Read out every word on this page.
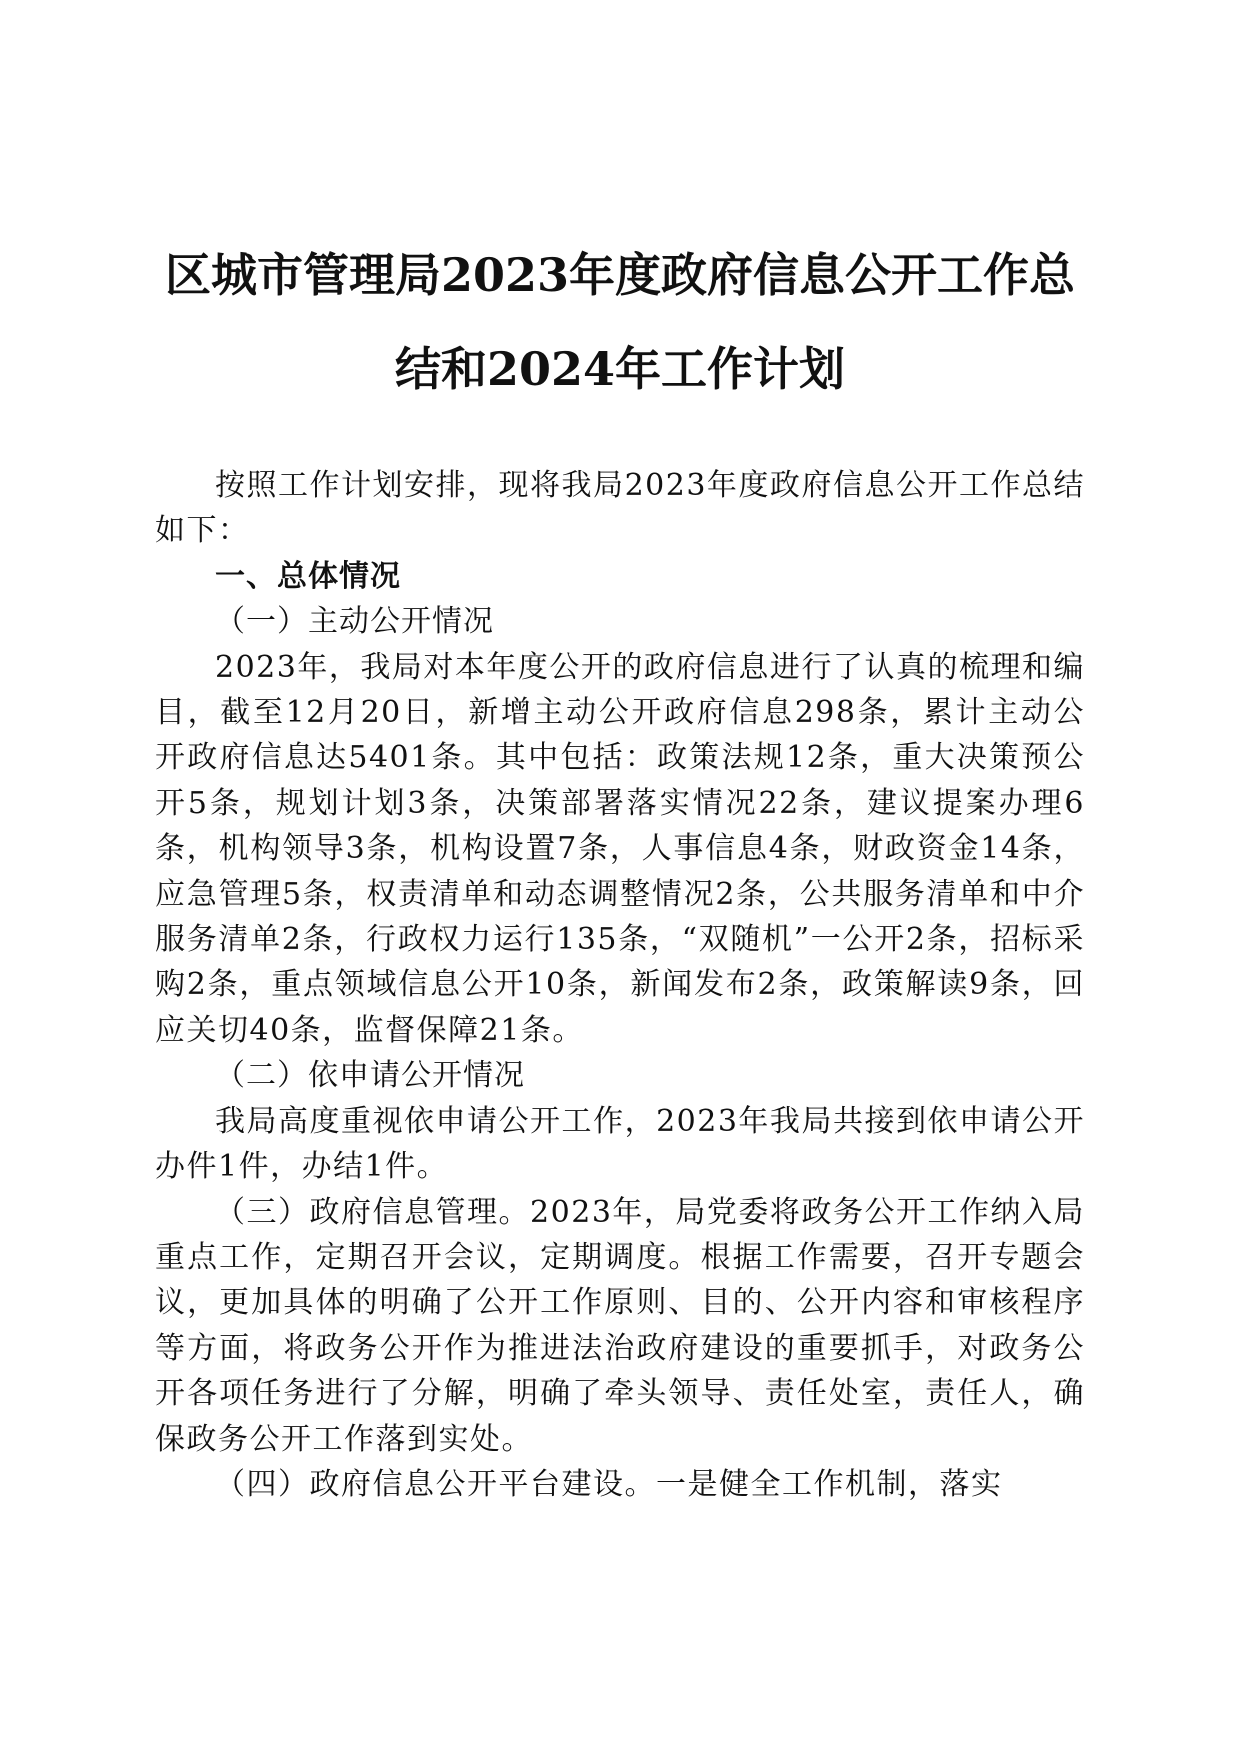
区城市管理局2023年度政府信息公开工作总
结和2024年工作计划

按照工作计划安排，现将我局2023年度政府信息公开工作总结如下：

一、总体情况

（一）主动公开情况

2023年，我局对本年度公开的政府信息进行了认真的梳理和编目，截至12月20日，新增主动公开政府信息298条，累计主动公开政府信息达5401条。其中包括：政策法规12条，重大决策预公开5条，规划计划3条，决策部署落实情况22条，建议提案办理6条，机构领导3条，机构设置7条，人事信息4条，财政资金14条，应急管理5条，权责清单和动态调整情况2条，公共服务清单和中介服务清单2条，行政权力运行135条，“双随机”一公开2条，招标采购2条，重点领域信息公开10条，新闻发布2条，政策解读9条，回应关切40条，监督保障21条。

（二）依申请公开情况

我局高度重视依申请公开工作，2023年我局共接到依申请公开办件1件，办结1件。

（三）政府信息管理。2023年，局党委将政务公开工作纳入局重点工作，定期召开会议，定期调度。根据工作需要，召开专题会议，更加具体的明确了公开工作原则、目的、公开内容和审核程序等方面，将政务公开作为推进法治政府建设的重要抓手，对政务公开各项任务进行了分解，明确了牵头领导、责任处室，责任人，确保政务公开工作落到实处。

（四）政府信息公开平台建设。一是健全工作机制，落实
